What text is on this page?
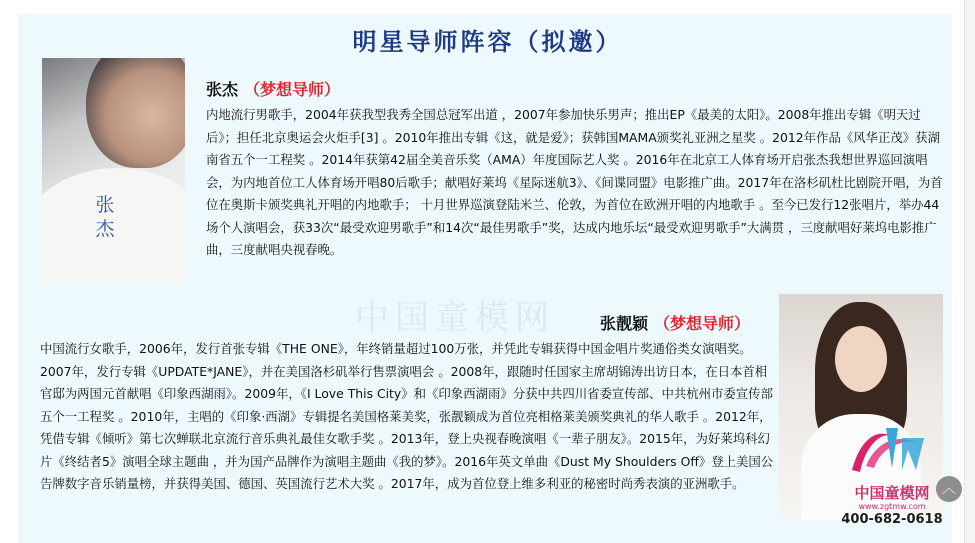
明星导师阵容（拟邀）
张杰
张杰 （梦想导师）
内地流行男歌手，2004年获我型我秀全国总冠军出道 ，2007年参加快乐男声；推出EP《最美的太阳》。2008年推出专辑《明天过后》；担任北京奥运会火炬手[3] 。2010年推出专辑《这，就是爱》；获韩国MAMA颁奖礼亚洲之星奖 。2012年作品《风华正茂》获湖南省五个一工程奖 。2014年获第42届全美音乐奖（AMA）年度国际艺人奖 。2016年在北京工人体育场开启张杰我想世界巡回演唱会，为内地首位工人体育场开唱80后歌手；献唱好莱坞《星际迷航3》、《间谍同盟》电影推广曲。2017年在洛杉矶杜比剧院开唱，为首位在奥斯卡颁奖典礼开唱的内地歌手； 十月世界巡演登陆米兰、伦敦，为首位在欧洲开唱的内地歌手 。至今已发行12张唱片，举办44场个人演唱会，获33次“最受欢迎男歌手”和14次“最佳男歌手”奖，达成内地乐坛“最受欢迎男歌手”大满贯 ，三度献唱好莱坞电影推广曲，三度献唱央视春晚。
中国童模网	张靓颖 （梦想导师）
中国流行女歌手，2006年，发行首张专辑《THE ONE》，年终销量超过100万张，并凭此专辑获得中国金唱片奖通俗类女演唱奖。2007年，发行专辑《UPDATE*JANE》，并在美国洛杉矶举行售票演唱会 。2008年，跟随时任国家主席胡锦涛出访日本，在日本首相官邸为两国元首献唱《印象西湖雨》。2009年，《I Love This City》和《印象西湖雨》分获中共四川省委宣传部、中共杭州市委宣传部五个一工程奖 。2010年，主唱的《印象·西湖》专辑提名美国格莱美奖，张靓颖成为首位亮相格莱美颁奖典礼的华人歌手 。2012年，凭借专辑《倾听》第七次蝉联北京流行音乐典礼最佳女歌手奖 。2013年，登上央视春晚演唱《一辈子朋友》。2015年，为好莱坞科幻片《终结者5》演唱全球主题曲 ，并为国产品牌作为演唱主题曲《我的梦》。2016年英文单曲《Dust My Shoulders Off》登上美国公告牌数字音乐销量榜，并获得美国、德国、英国流行艺术大奖 。2017年，成为首位登上维多利亚的秘密时尚秀表演的亚洲歌手。
中国童模网
www.zgtmw.com
400-682-0618
︿
